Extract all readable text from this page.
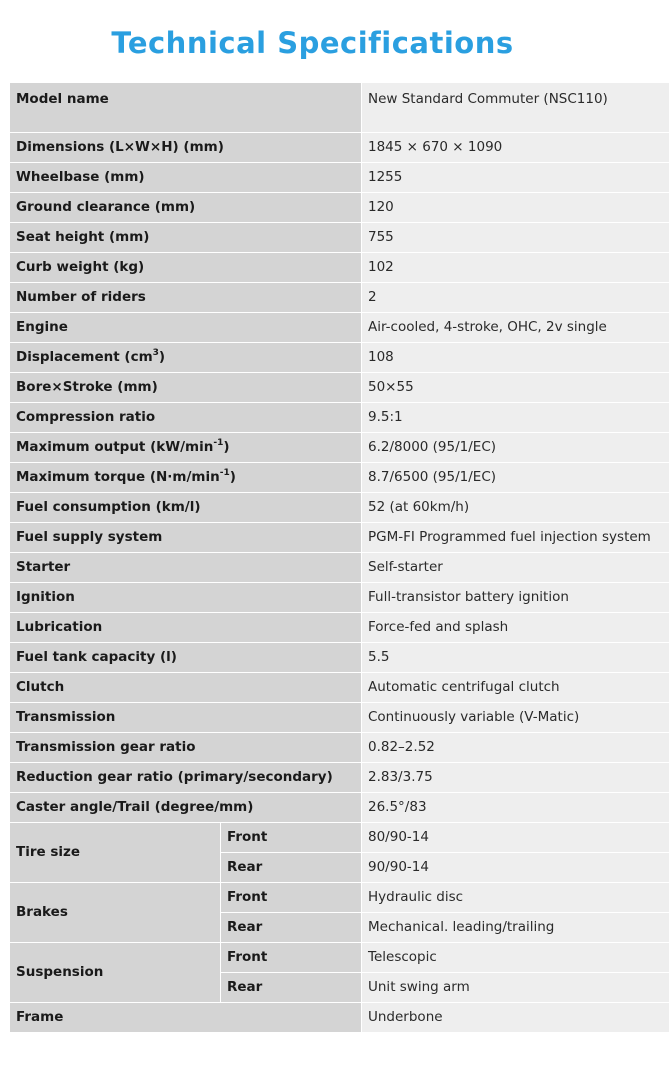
Technical Specifications
Model name		New Standard Commuter (NSC110)
Dimensions (L×W×H) (mm)		1845 × 670 × 1090
Wheelbase (mm)		1255
Ground clearance (mm)		120
Seat height (mm)		755
Curb weight (kg)		102
Number of riders		2
Engine		Air-cooled, 4-stroke, OHC, 2v single
Displacement $(cm^3)$		108
Bore×Stroke (mm)		50×55
Compression ratio		9.5:1
Maximum output $(kW/\min^{-1})$		6.2/8000 (95/1/EC)
Maximum torque $(N\cdot m/\min^{-1})$		8.7/6500 (95/1/EC)
Fuel consumption (km/l)		52 (at 60km/h)
Fuel supply system		PGM-FI Programmed fuel injection system
Starter		Self-starter
Ignition		Full-transistor battery ignition
Lubrication		Force-fed and splash
Fuel tank capacity (l)		5.5
Clutch		Automatic centrifugal clutch
Transmission		Continuously variable (V-Matic)
Transmission gear ratio		0.82–2.52
Reduction gear ratio (primary/secondary)		2.83/3.75
Caster angle/Trail (degree/mm)		26.5°/83
Tire size	Front	80/90-14
	Rear	90/90-14
Brakes	Front	Hydraulic disc
	Rear	Mechanical. leading/trailing
Suspension	Front	Telescopic
	Rear	Unit swing arm
Frame		Underbone
